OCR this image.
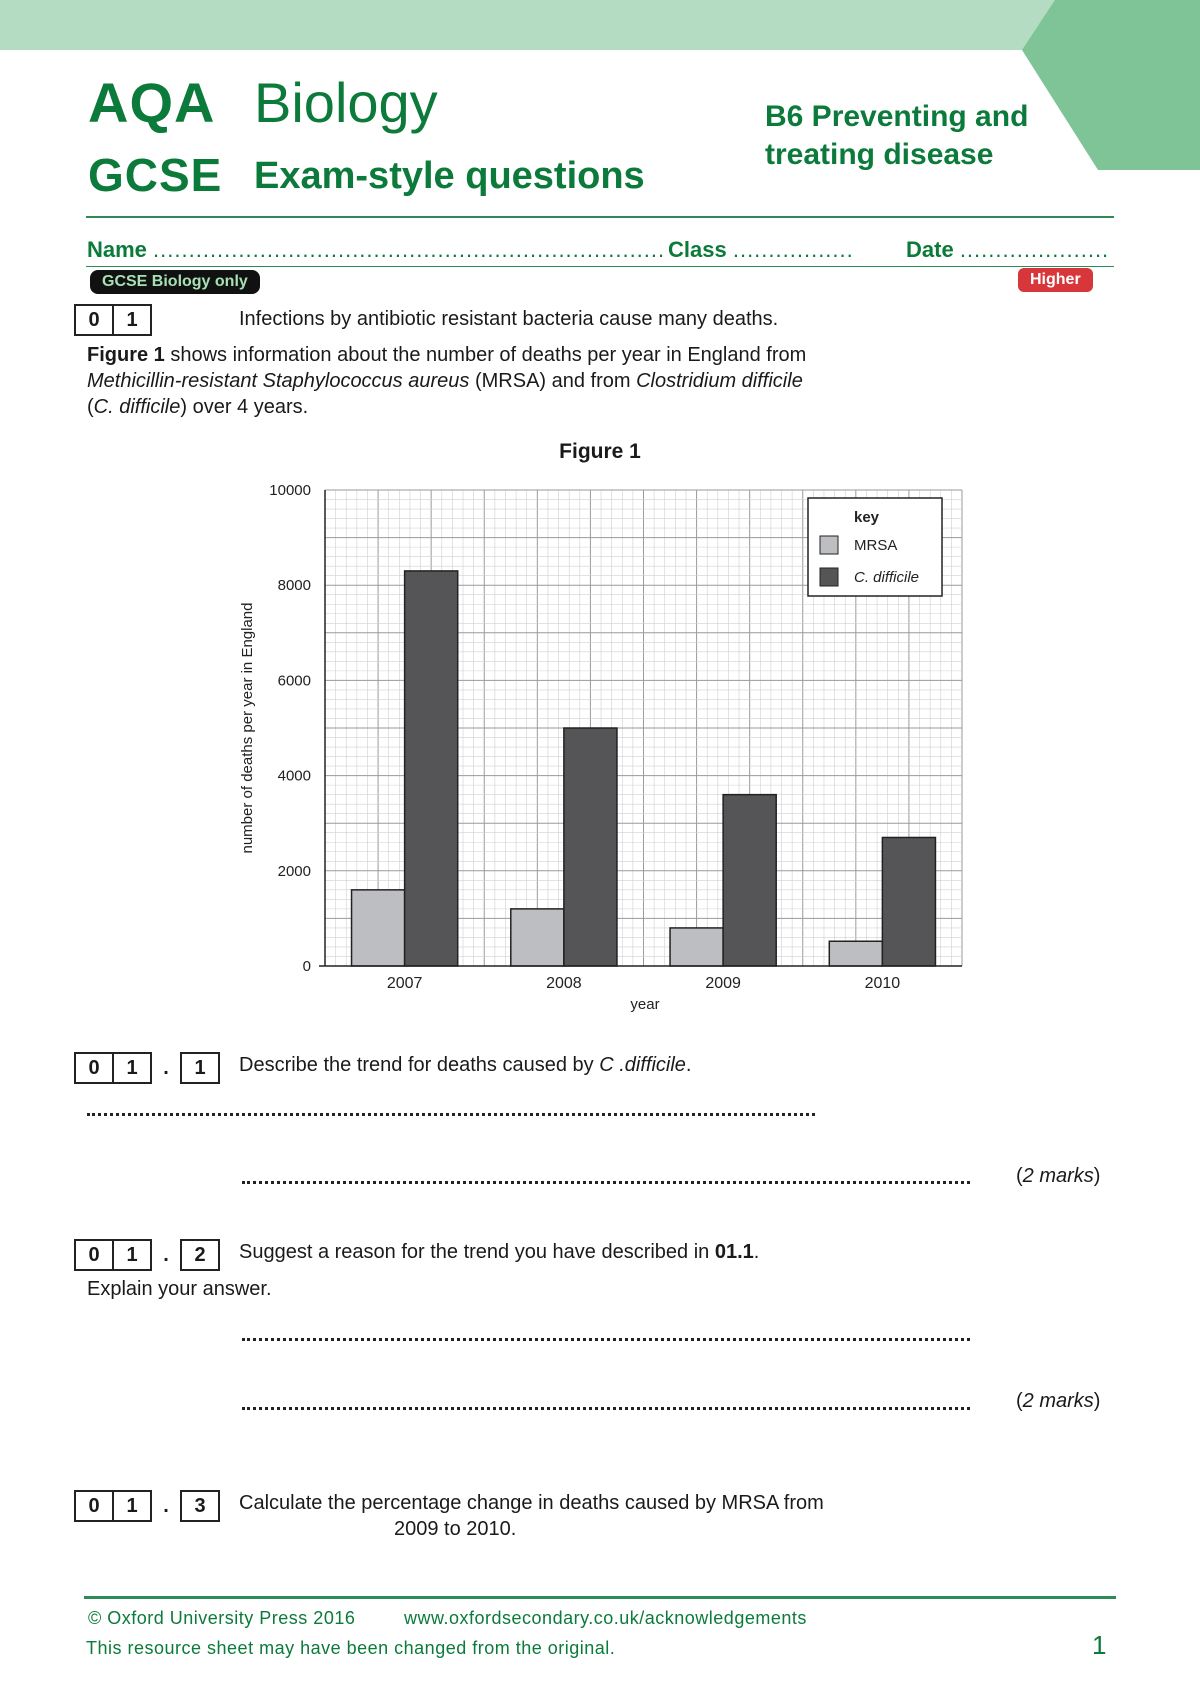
AQA Biology
GCSE Exam-style questions
B6 Preventing and
treating disease
Name ........................................................................ Class ................. Date .....................
GCSE Biology only	Higher
0 1	Infections by antibiotic resistant bacteria cause many deaths.
Figure 1 shows information about the number of deaths per year in England from
Methicillin-resistant Staphylococcus aureus (MRSA) and from Clostridium difficile
(C. difficile) over 4 years.
Figure 1
2007	2008	2009	2010
0
2000
4000
6000
8000
10000
number of deaths per year in England
year
key
MRSA
C. difficile
0 1 . 1	Describe the trend for deaths caused by C .difficile.
(2 marks)
0 1 . 2	Suggest a reason for the trend you have described in 01.1.
Explain your answer.
(2 marks)
0 1 . 3	Calculate the percentage change in deaths caused by MRSA from
2009 to 2010.
© Oxford University Press 2016	www.oxfordsecondary.co.uk/acknowledgements
This resource sheet may have been changed from the original.	1
